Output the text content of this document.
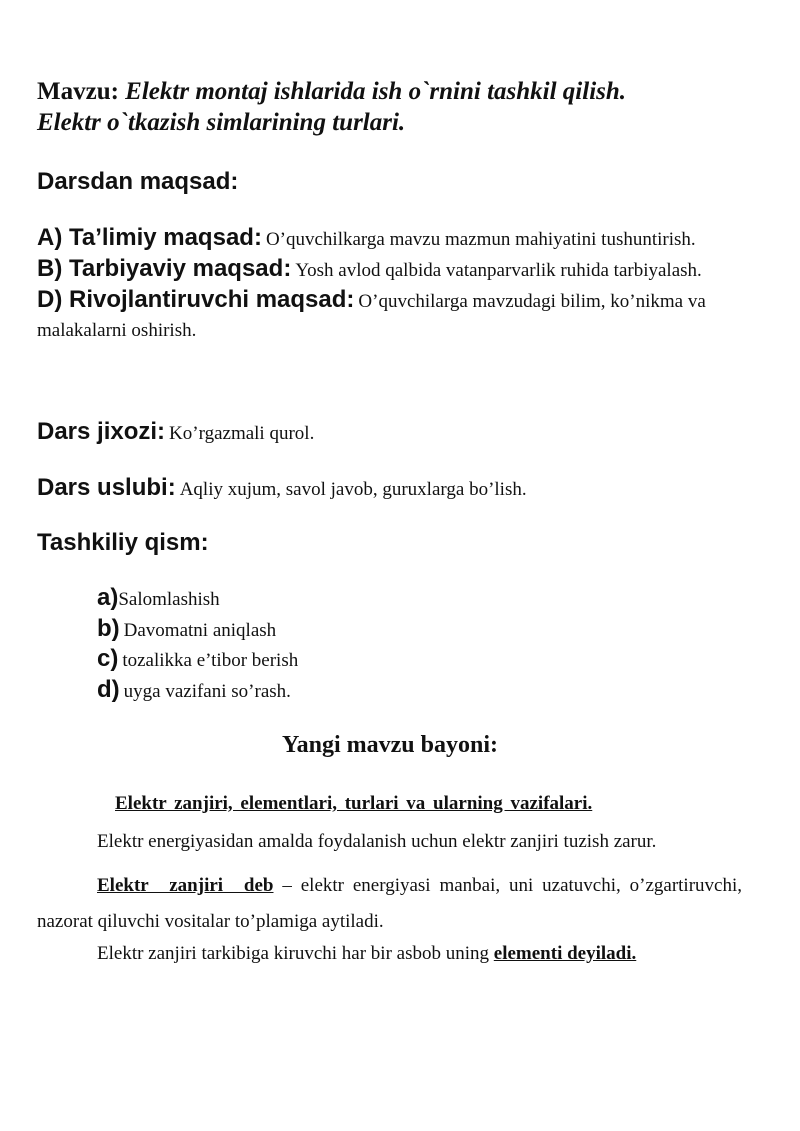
Mavzu: Elektr montaj ishlarida ish o`rnini tashkil qilish.
Elektr o`tkazish simlarining turlari.
Darsdan maqsad:
A) Ta’limiy maqsad: O’quvchilkarga mavzu mazmun mahiyatini tushuntirish.
B) Tarbiyaviy maqsad: Yosh avlod qalbida vatanparvarlik ruhida tarbiyalash.
D) Rivojlantiruvchi maqsad: O’quvchilarga mavzudagi bilim, ko’nikma va malakalarni oshirish.
Dars jixozi: Ko’rgazmali qurol.
Dars uslubi: Aqliy xujum, savol javob, guruxlarga bo’lish.
Tashkiliy qism:
a)Salomlashish
b) Davomatni aniqlash
c) tozalikka e’tibor berish
d) uyga vazifani so’rash.
Yangi mavzu bayoni:
Elektr zanjiri, elementlari, turlari va ularning vazifalari.
Elektr energiyasidan amalda foydalanish uchun elektr zanjiri tuzish zarur.
Elektr zanjiri deb – elektr energiyasi manbai, uni uzatuvchi, o’zgartiruvchi, nazorat qiluvchi vositalar to’plamiga aytiladi.
Elektr zanjiri tarkibiga kiruvchi har bir asbob uning elementi deyiladi.
